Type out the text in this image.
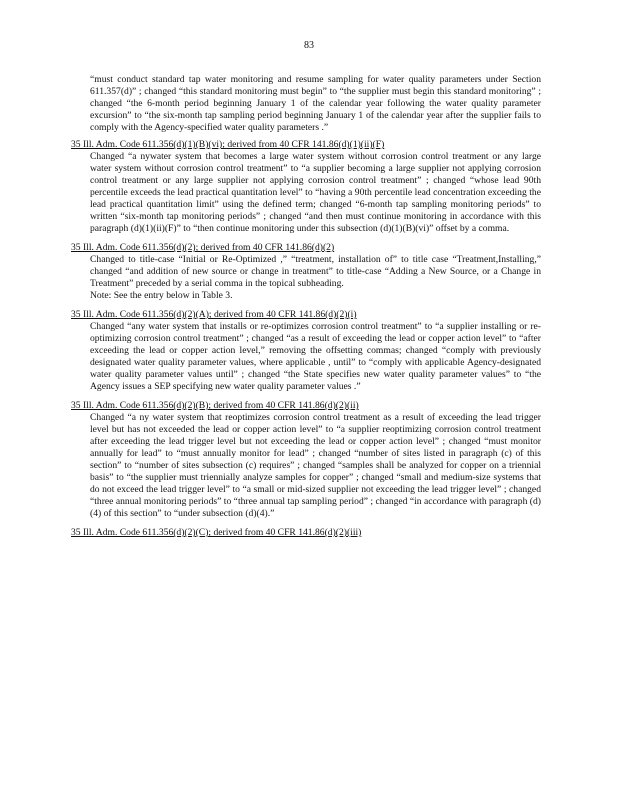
83
“must conduct standard tap water monitoring and resume sampling for water quality parameters under Section 611.357(d)” ; changed “this standard monitoring must begin” to “the supplier must begin this standard monitoring” ; changed “the 6-month period beginning January 1 of the calendar year following the water quality parameter excursion” to “the six-month tap sampling period beginning January 1 of the calendar year after the supplier fails to comply with the Agency-specified water quality parameters .”
35 Ill. Adm. Code 611.356(d)(1)(B)(vi); derived from 40 CFR 141.86(d)(1)(ii)(F)
Changed “a nywater system that becomes a large water system without corrosion control treatment or any large water system without corrosion control treatment” to “a supplier becoming a large supplier not applying corrosion control treatment or any large supplier not applying corrosion control treatment” ; changed “whose lead 90th percentile exceeds the lead practical quantitation level” to “having a 90th percentile lead concentration exceeding the lead practical quantitation limit” using the defined term; changed “6-month tap sampling monitoring periods” to written “six-month tap monitoring periods” ; changed “and then must continue monitoring in accordance with this paragraph (d)(1)(ii)(F)” to “then continue monitoring under this subsection (d)(1)(B)(vi)” offset by a comma.
35 Ill. Adm. Code 611.356(d)(2); derived from 40 CFR 141.86(d)(2)
Changed to title-case “Initial or Re-Optimized ,” “treatment, installation of” to title case “Treatment,Installing,” changed “and addition of new source or change in treatment” to title-case “Adding a New Source, or a Change in Treatment” preceded by a serial comma in the topical subheading.
Note: See the entry below in Table 3.
35 Ill. Adm. Code 611.356(d)(2)(A); derived from 40 CFR 141.86(d)(2)(i)
Changed “any water system that installs or re-optimizes corrosion control treatment” to “a supplier installing or re-optimizing corrosion control treatment” ; changed “as a result of exceeding the lead or copper action level” to “after exceeding the lead or copper action level,” removing the offsetting commas; changed “comply with previously designated water quality parameter values, where applicable , until” to “comply with applicable Agency-designated water quality parameter values until” ; changed “the State specifies new water quality parameter values” to “the Agency issues a SEP specifying new water quality parameter values .”
35 Ill. Adm. Code 611.356(d)(2)(B); derived from 40 CFR 141.86(d)(2)(ii)
Changed “a ny water system that reoptimizes corrosion control treatment as a result of exceeding the lead trigger level but has not exceeded the lead or copper action level” to “a supplier reoptimizing corrosion control treatment after exceeding the lead trigger level but not exceeding the lead or copper action level” ; changed “must monitor annually for lead” to “must annually monitor for lead” ; changed “number of sites listed in paragraph (c) of this section” to “number of sites subsection (c) requires” ; changed “samples shall be analyzed for copper on a triennial basis” to “the supplier must triennially analyze samples for copper” ; changed “small and medium-size systems that do not exceed the lead trigger level” to “a small or mid-sized supplier not exceeding the lead trigger level” ; changed “three annual monitoring periods” to “three annual tap sampling period” ; changed “in accordance with paragraph (d)(4) of this section” to “under subsection (d)(4).”
35 Ill. Adm. Code 611.356(d)(2)(C); derived from 40 CFR 141.86(d)(2)(iii)
